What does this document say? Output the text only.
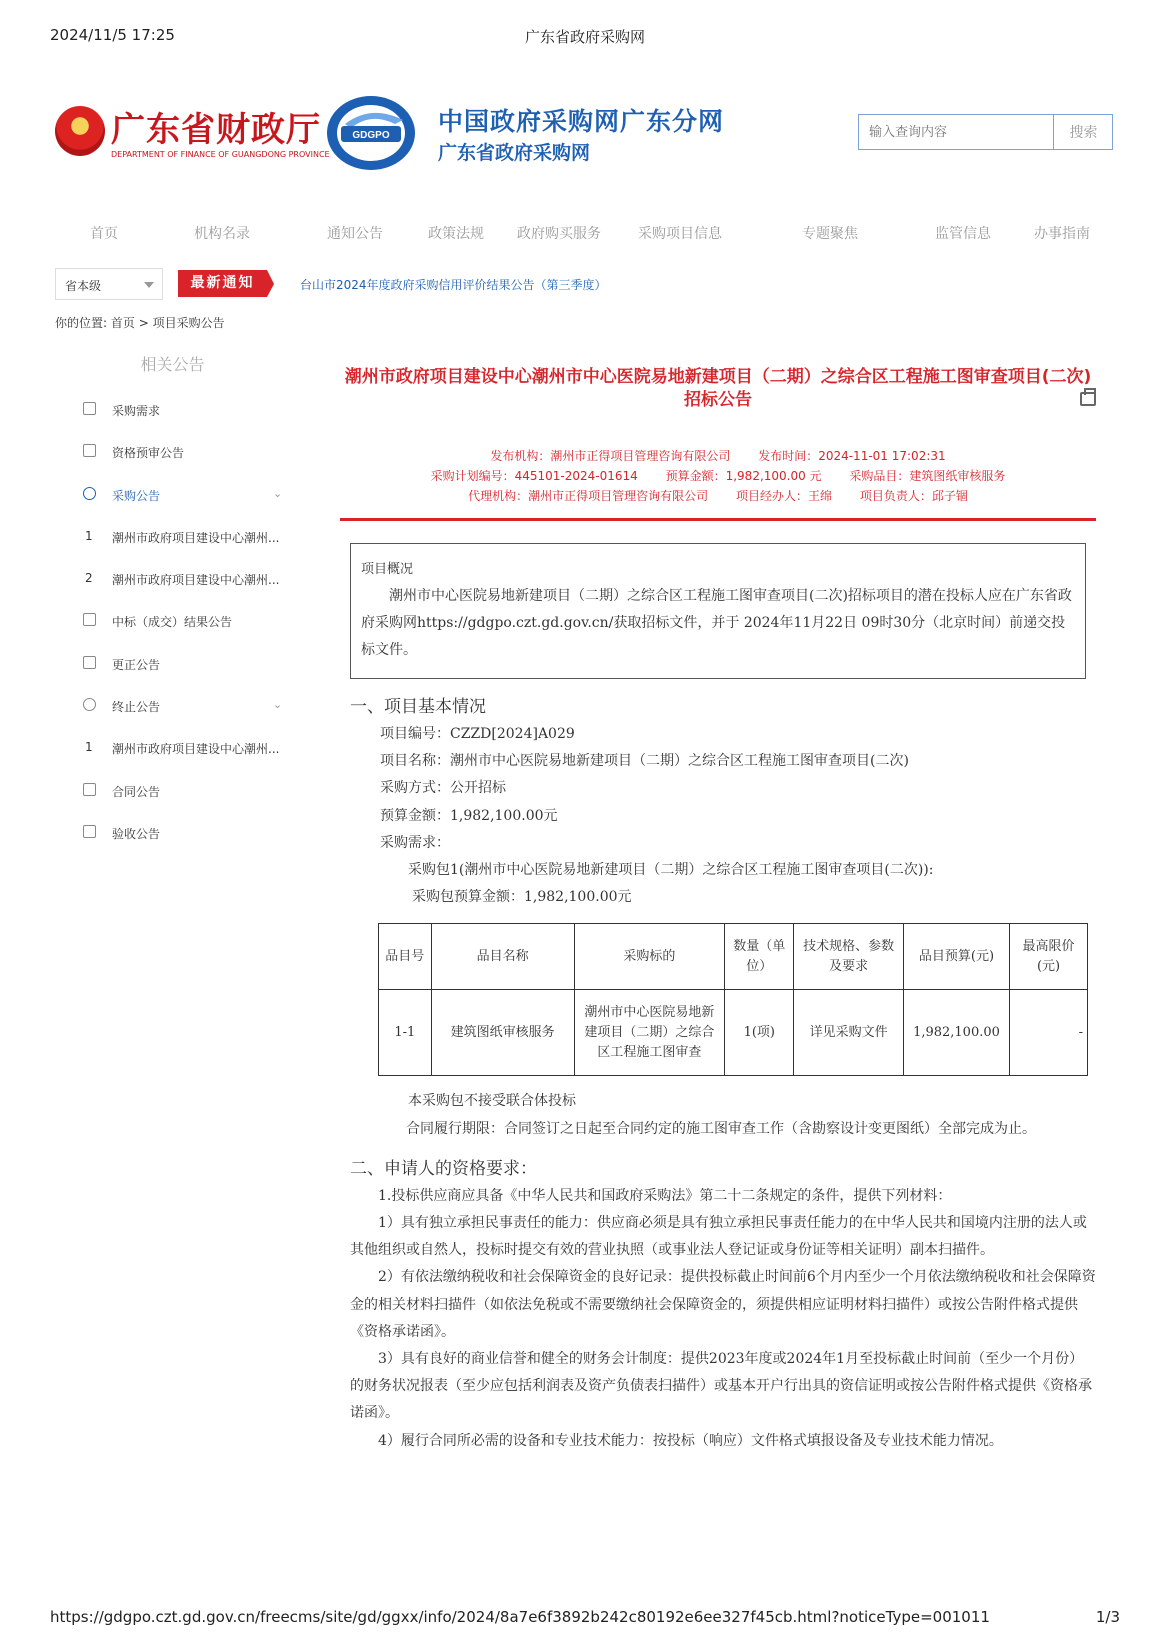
2024/11/5 17:25	广东省政府采购网
广东省财政厅
DEPARTMENT OF FINANCE OF GUANGDONG PROVINCE
GDGPO 中国政府采购网广东分网
广东省政府采购网
输入查询内容
搜索
首页	机构名录	通知公告	政策法规 政府购买服务	采购项目信息	专题聚焦	监管信息	办事指南
省本级	最新通知	台山市2024年度政府采购信用评价结果公告（第三季度）
你的位置: 首页 > 项目采购公告
相关公告
采购需求
资格预审公告
采购公告	⌄
1 潮州市政府项目建设中心潮州...
2 潮州市政府项目建设中心潮州...
中标（成交）结果公告
更正公告
终止公告	⌄
1 潮州市政府项目建设中心潮州...
合同公告
验收公告
潮州市政府项目建设中心潮州市中心医院易地新建项目（二期）之综合区工程施工图审查项目(二次)招标公告
发布机构：潮州市正得项目管理咨询有限公司 发布时间：2024-11-01 17:02:31
采购计划编号：445101-2024-01614 预算金额：1,982,100.00 元 采购品目：建筑图纸审核服务
代理机构：潮州市正得项目管理咨询有限公司 项目经办人：王绵 项目负责人：邱子锢
项目概况

潮州市中心医院易地新建项目（二期）之综合区工程施工图审查项目(二次)招标项目的潜在投标人应在广东省政府采购网https://gdgpo.czt.gd.gov.cn/获取招标文件，并于 2024年11月22日 09时30分（北京时间）前递交投标文件。

一、项目基本情况
项目编号：CZZD[2024]A029
项目名称：潮州市中心医院易地新建项目（二期）之综合区工程施工图审查项目(二次)
采购方式：公开招标
预算金额：1,982,100.00元
采购需求：
采购包1(潮州市中心医院易地新建项目（二期）之综合区工程施工图审查项目(二次)):
采购包预算金额：1,982,100.00元
品目号	品目名称	采购标的	数量（单位）	技术规格、参数及要求	品目预算(元)	最高限价(元)
1-1	建筑图纸审核服务	潮州市中心医院易地新建项目（二期）之综合区工程施工图审查	1(项)	详见采购文件	1,982,100.00	-
本采购包不接受联合体投标
合同履行期限：合同签订之日起至合同约定的施工图审查工作（含勘察设计变更图纸）全部完成为止。
二、申请人的资格要求：
1.投标供应商应具备《中华人民共和国政府采购法》第二十二条规定的条件，提供下列材料：
1）具有独立承担民事责任的能力：供应商必须是具有独立承担民事责任能力的在中华人民共和国境内注册的法人或其他组织或自然人，投标时提交有效的营业执照（或事业法人登记证或身份证等相关证明）副本扫描件。
2）有依法缴纳税收和社会保障资金的良好记录：提供投标截止时间前6个月内至少一个月依法缴纳税收和社会保障资金的相关材料扫描件（如依法免税或不需要缴纳社会保障资金的，须提供相应证明材料扫描件）或按公告附件格式提供《资格承诺函》。
3）具有良好的商业信誉和健全的财务会计制度：提供2023年度或2024年1月至投标截止时间前（至少一个月份）的财务状况报表（至少应包括利润表及资产负债表扫描件）或基本开户行出具的资信证明或按公告附件格式提供《资格承诺函》。
4）履行合同所必需的设备和专业技术能力：按投标（响应）文件格式填报设备及专业技术能力情况。
https://gdgpo.czt.gd.gov.cn/freecms/site/gd/ggxx/info/2024/8a7e6f3892b242c80192e6ee327f45cb.html?noticeType=001011	1/3
